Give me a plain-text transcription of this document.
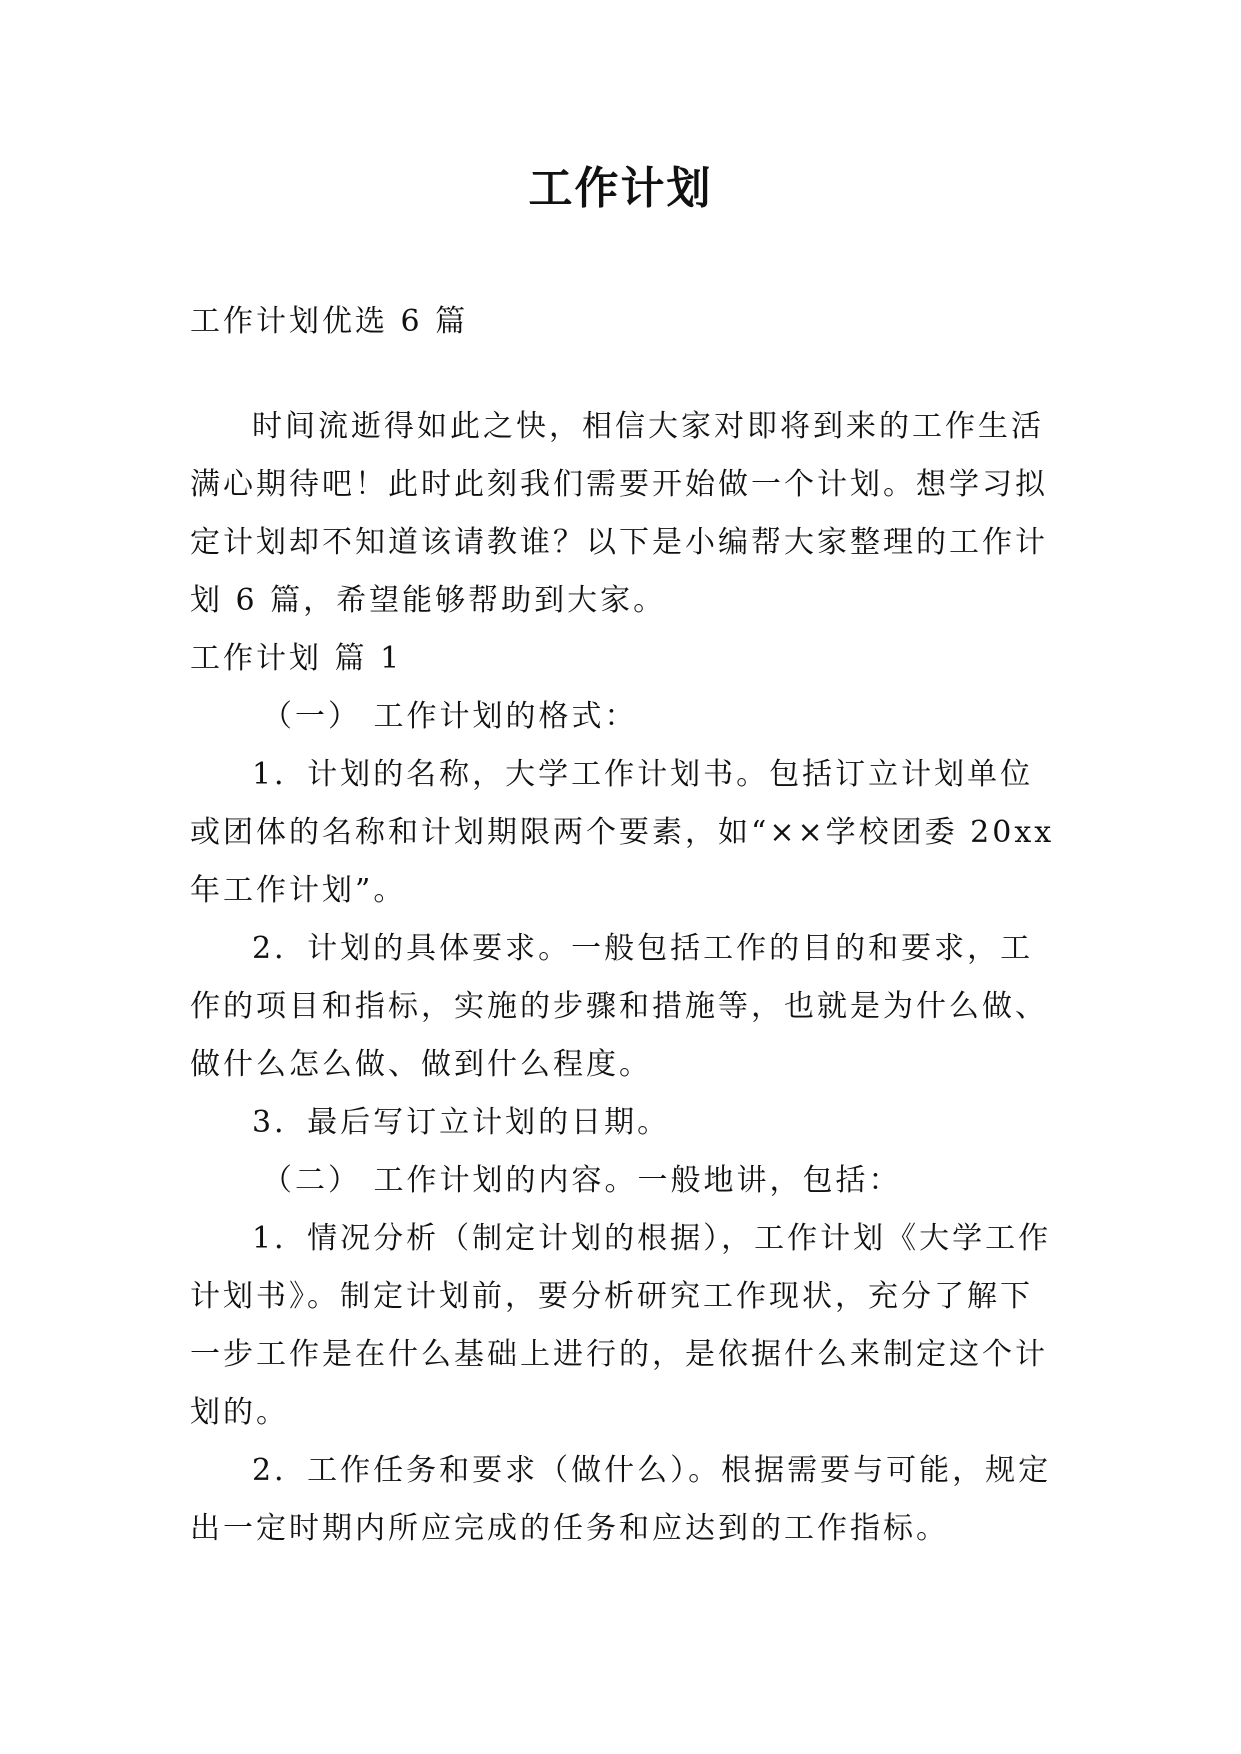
工作计划
工作计划优选 6 篇

时间流逝得如此之快，相信大家对即将到来的工作生活满心期待吧！此时此刻我们需要开始做一个计划。想学习拟定计划却不知道该请教谁？以下是小编帮大家整理的工作计划 6 篇，希望能够帮助到大家。

工作计划 篇 1

（一） 工作计划的格式：

1．计划的名称，大学工作计划书。包括订立计划单位或团体的名称和计划期限两个要素，如“××学校团委 20xx 年工作计划”。

2．计划的具体要求。一般包括工作的目的和要求，工作的项目和指标，实施的步骤和措施等，也就是为什么做、做什么怎么做、做到什么程度。

3．最后写订立计划的日期。

（二） 工作计划的内容。一般地讲，包括：

1．情况分析（制定计划的根据），工作计划《大学工作计划书》。制定计划前，要分析研究工作现状，充分了解下一步工作是在什么基础上进行的，是依据什么来制定这个计划的。

2．工作任务和要求（做什么）。根据需要与可能，规定出一定时期内所应完成的任务和应达到的工作指标。
